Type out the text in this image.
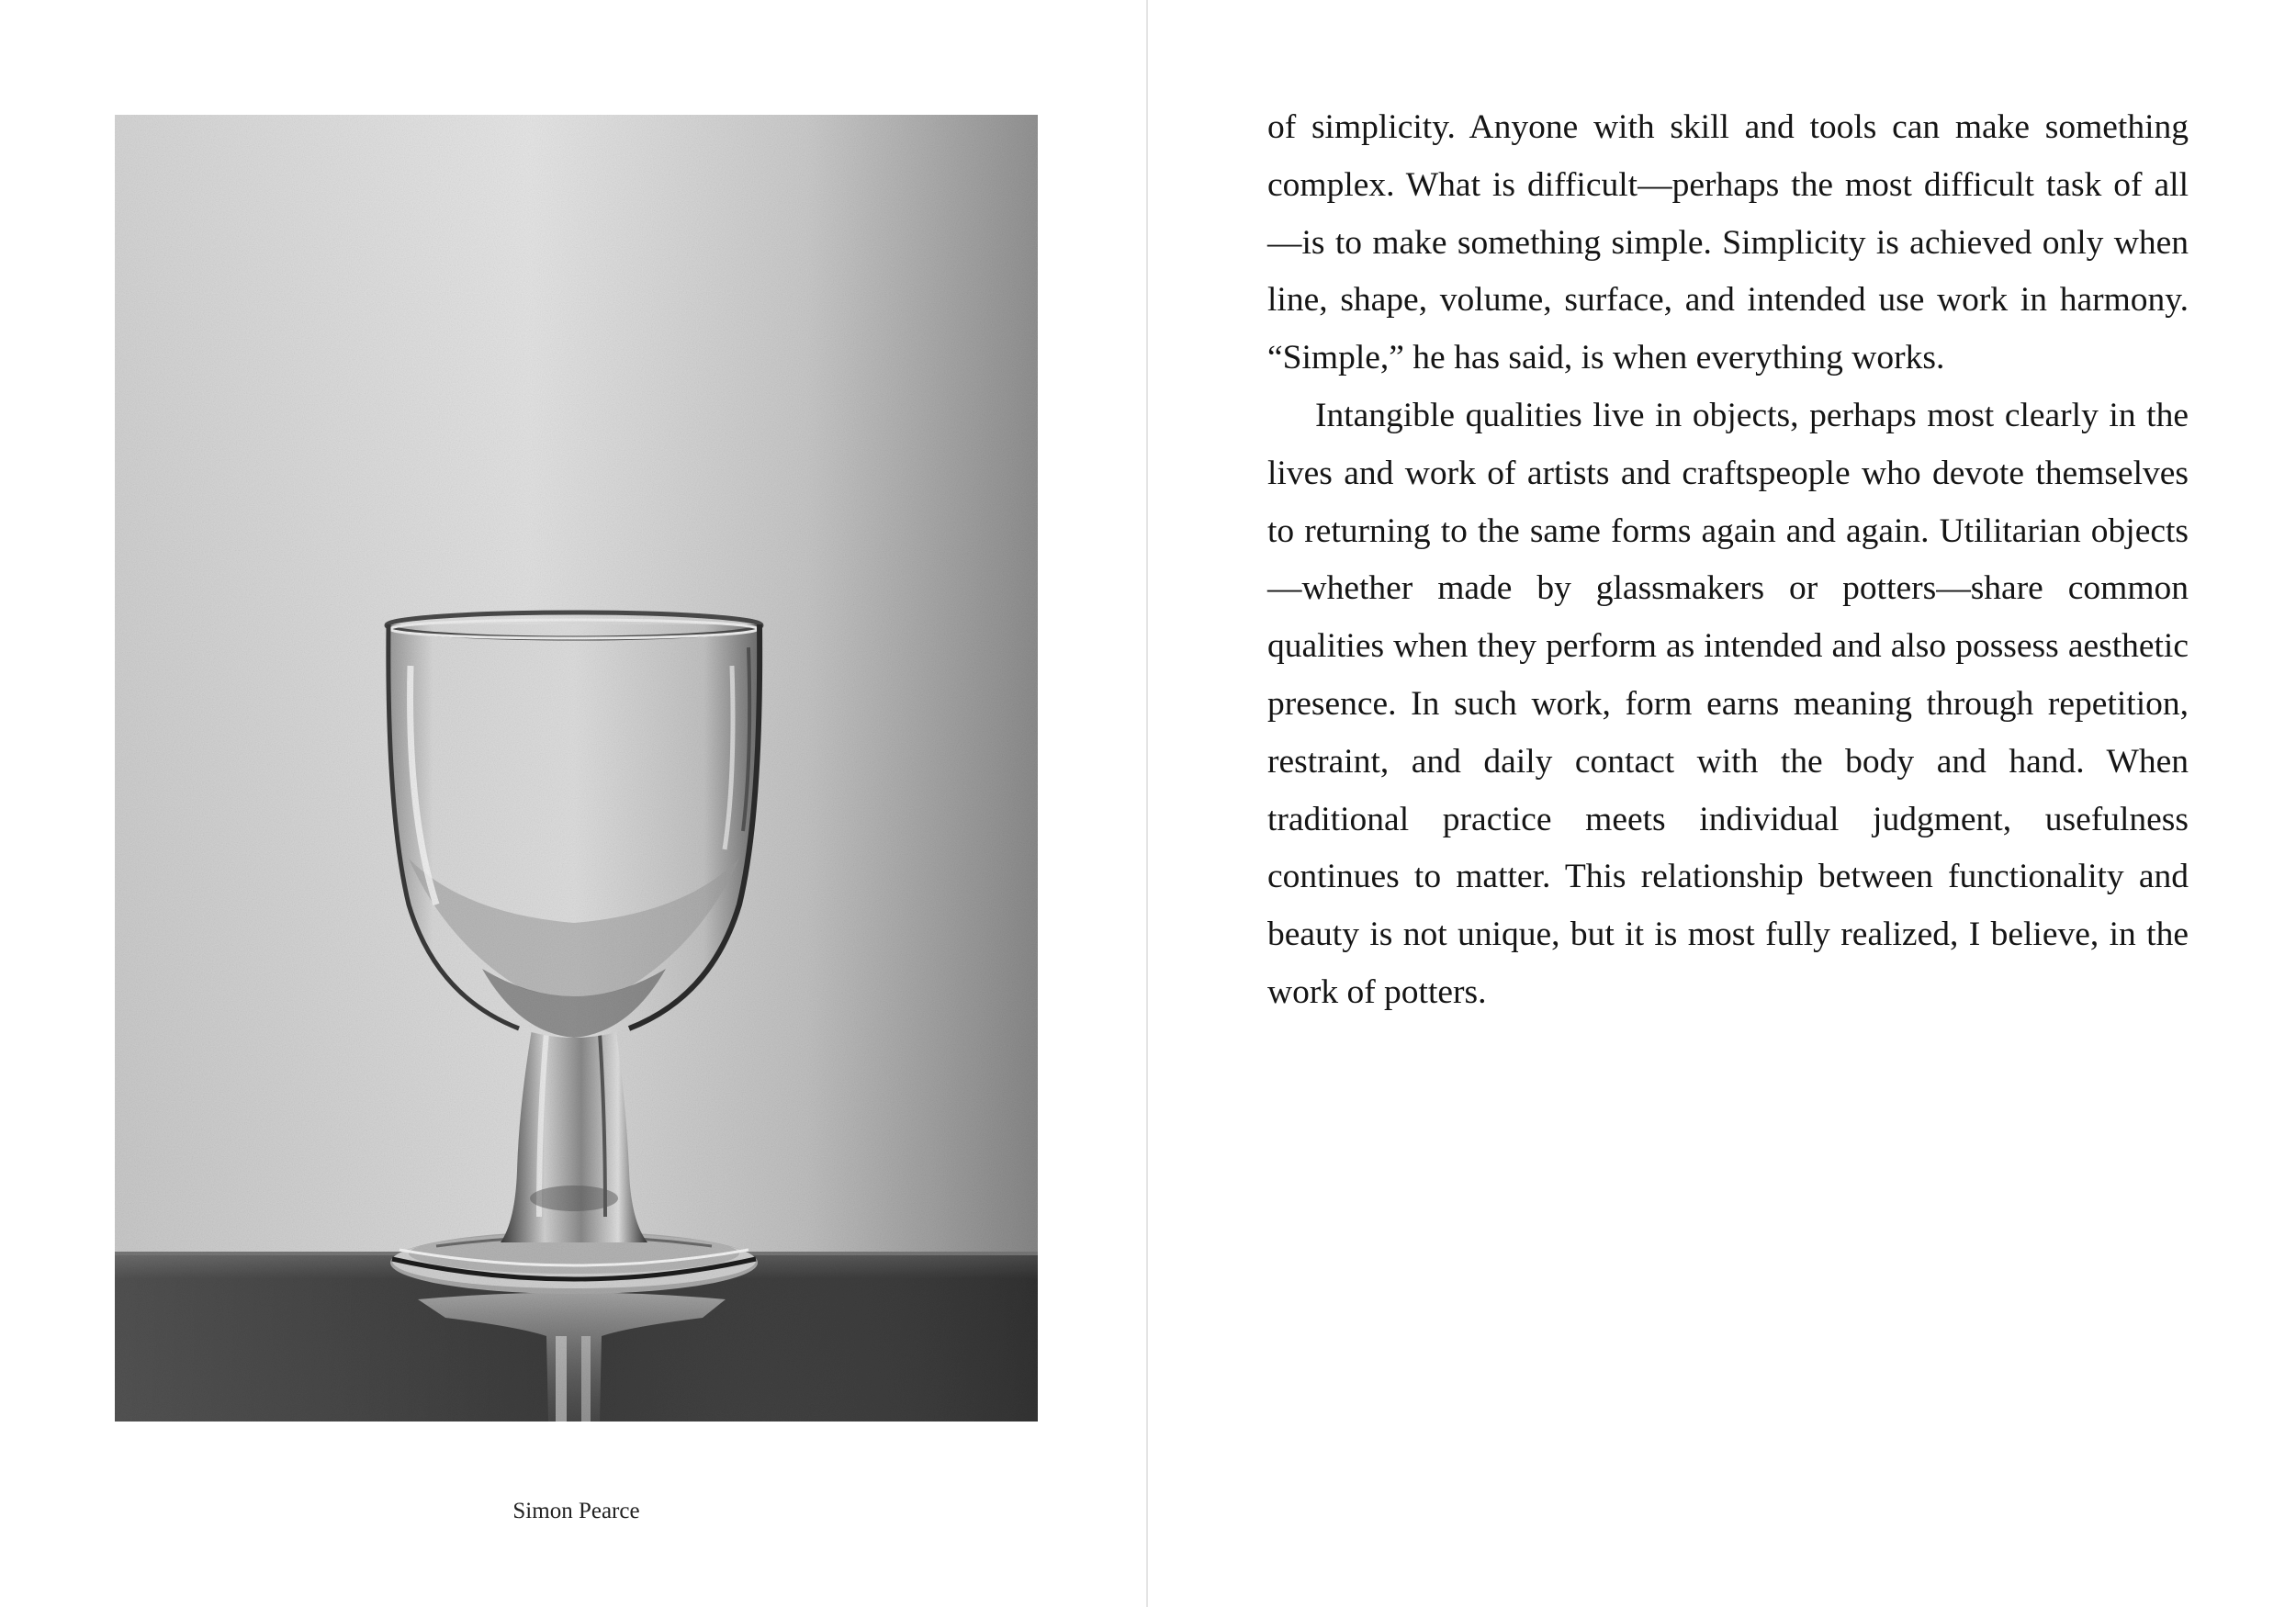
Simon Pearce

of simplicity. Anyone with skill and tools can make something complex. What is difficult—perhaps the most difficult task of all—is to make something simple. Simplicity is achieved only when line, shape, volume, surface, and intended use work in harmony. “Simple,” he has said, is when everything works.

Intangible qualities live in objects, perhaps most clearly in the lives and work of artists and craftspeople who devote themselves to returning to the same forms again and again. Utilitarian objects—whether made by glassmakers or potters—share common qualities when they perform as intended and also possess aesthetic presence. In such work, form earns meaning through repetition, restraint, and daily contact with the body and hand. When traditional practice meets individual judgment, usefulness continues to matter. This relationship between functionality and beauty is not unique, but it is most fully realized, I believe, in the work of potters.
